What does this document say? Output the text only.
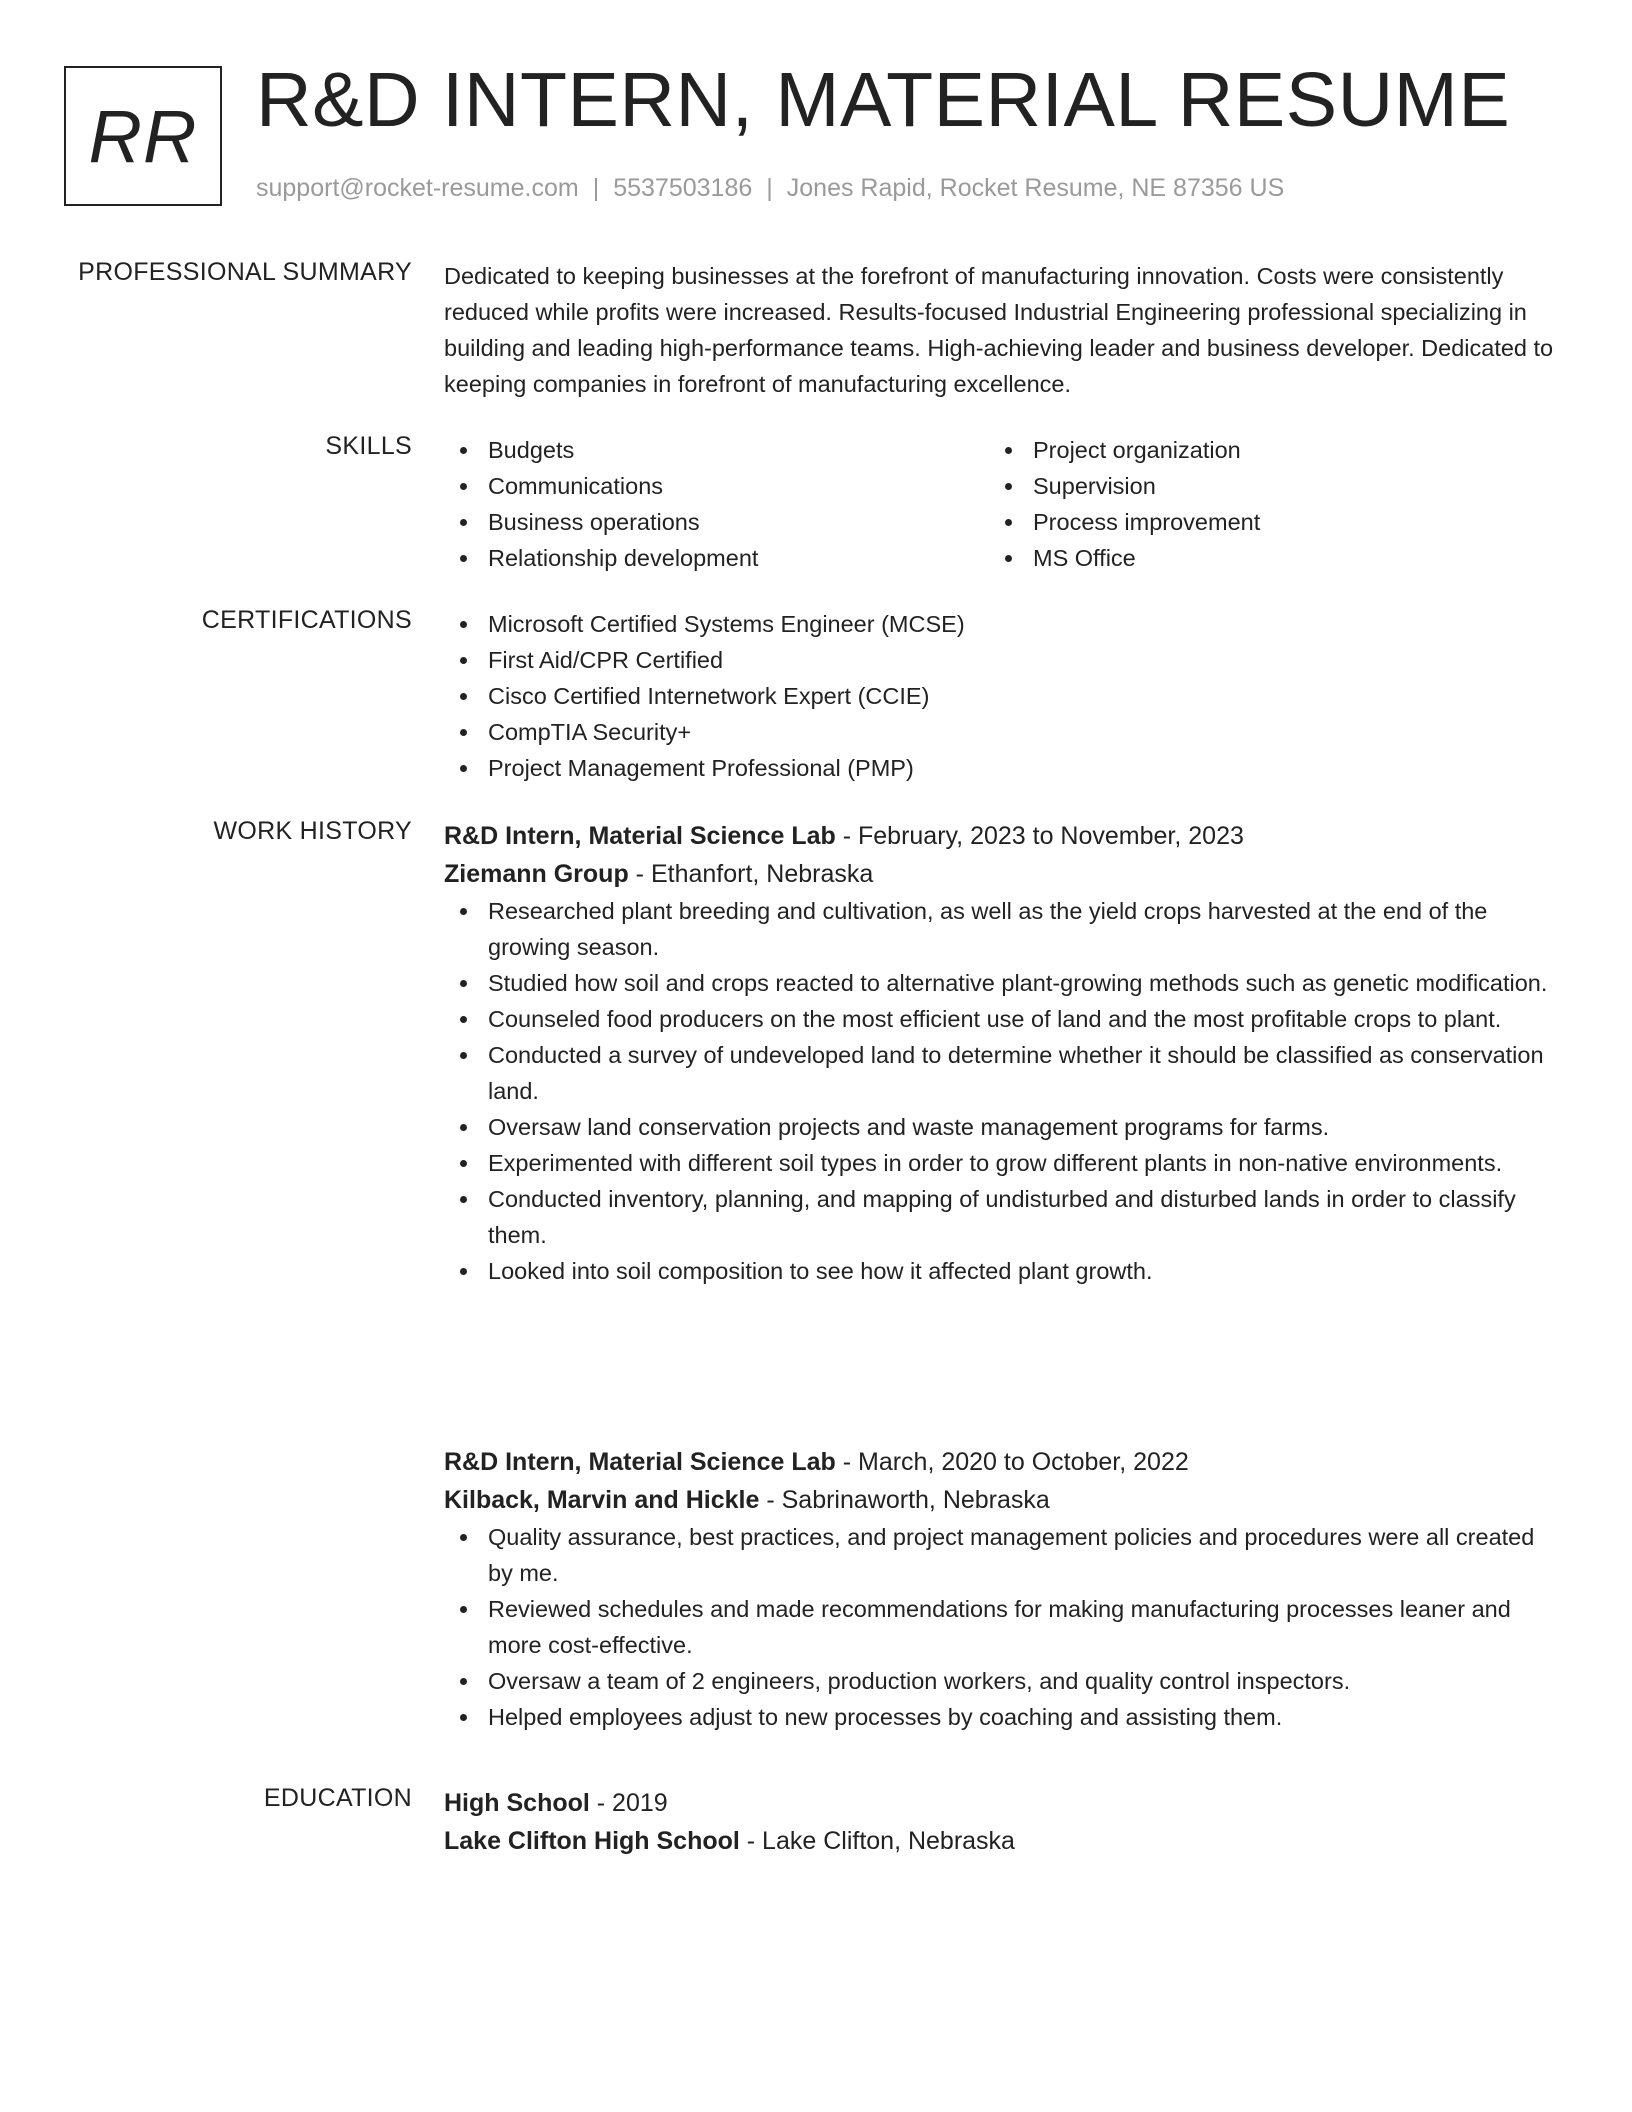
RR R&D INTERN, MATERIAL RESUME
support@rocket-resume.com | 5537503186 | Jones Rapid, Rocket Resume, NE 87356 US
PROFESSIONAL SUMMARY Dedicated to keeping businesses at the forefront of manufacturing innovation. Costs were consistently reduced while profits were increased. Results-focused Industrial Engineering professional specializing in building and leading high-performance teams. High-achieving leader and business developer. Dedicated to keeping companies in forefront of manufacturing excellence.
SKILLS	Budgets
Communications
Business operations
Relationship development
Project organization
Supervision
Process improvement
MS Office
CERTIFICATIONS	Microsoft Certified Systems Engineer (MCSE)
First Aid/CPR Certified
Cisco Certified Internetwork Expert (CCIE)
CompTIA Security+
Project Management Professional (PMP)
WORK HISTORY R&D Intern, Material Science Lab - February, 2023 to November, 2023
Ziemann Group - Ethanfort, Nebraska
Researched plant breeding and cultivation, as well as the yield crops harvested at the end of the growing season.
Studied how soil and crops reacted to alternative plant-growing methods such as genetic modification.
Counseled food producers on the most efficient use of land and the most profitable crops to plant.
Conducted a survey of undeveloped land to determine whether it should be classified as conservation land.
Oversaw land conservation projects and waste management programs for farms.
Experimented with different soil types in order to grow different plants in non-native environments.
Conducted inventory, planning, and mapping of undisturbed and disturbed lands in order to classify them.
Looked into soil composition to see how it affected plant growth.
R&D Intern, Material Science Lab - March, 2020 to October, 2022
Kilback, Marvin and Hickle - Sabrinaworth, Nebraska
Quality assurance, best practices, and project management policies and procedures were all created by me.
Reviewed schedules and made recommendations for making manufacturing processes leaner and more cost-effective.
Oversaw a team of 2 engineers, production workers, and quality control inspectors.
Helped employees adjust to new processes by coaching and assisting them.
EDUCATION High School - 2019
Lake Clifton High School - Lake Clifton, Nebraska
